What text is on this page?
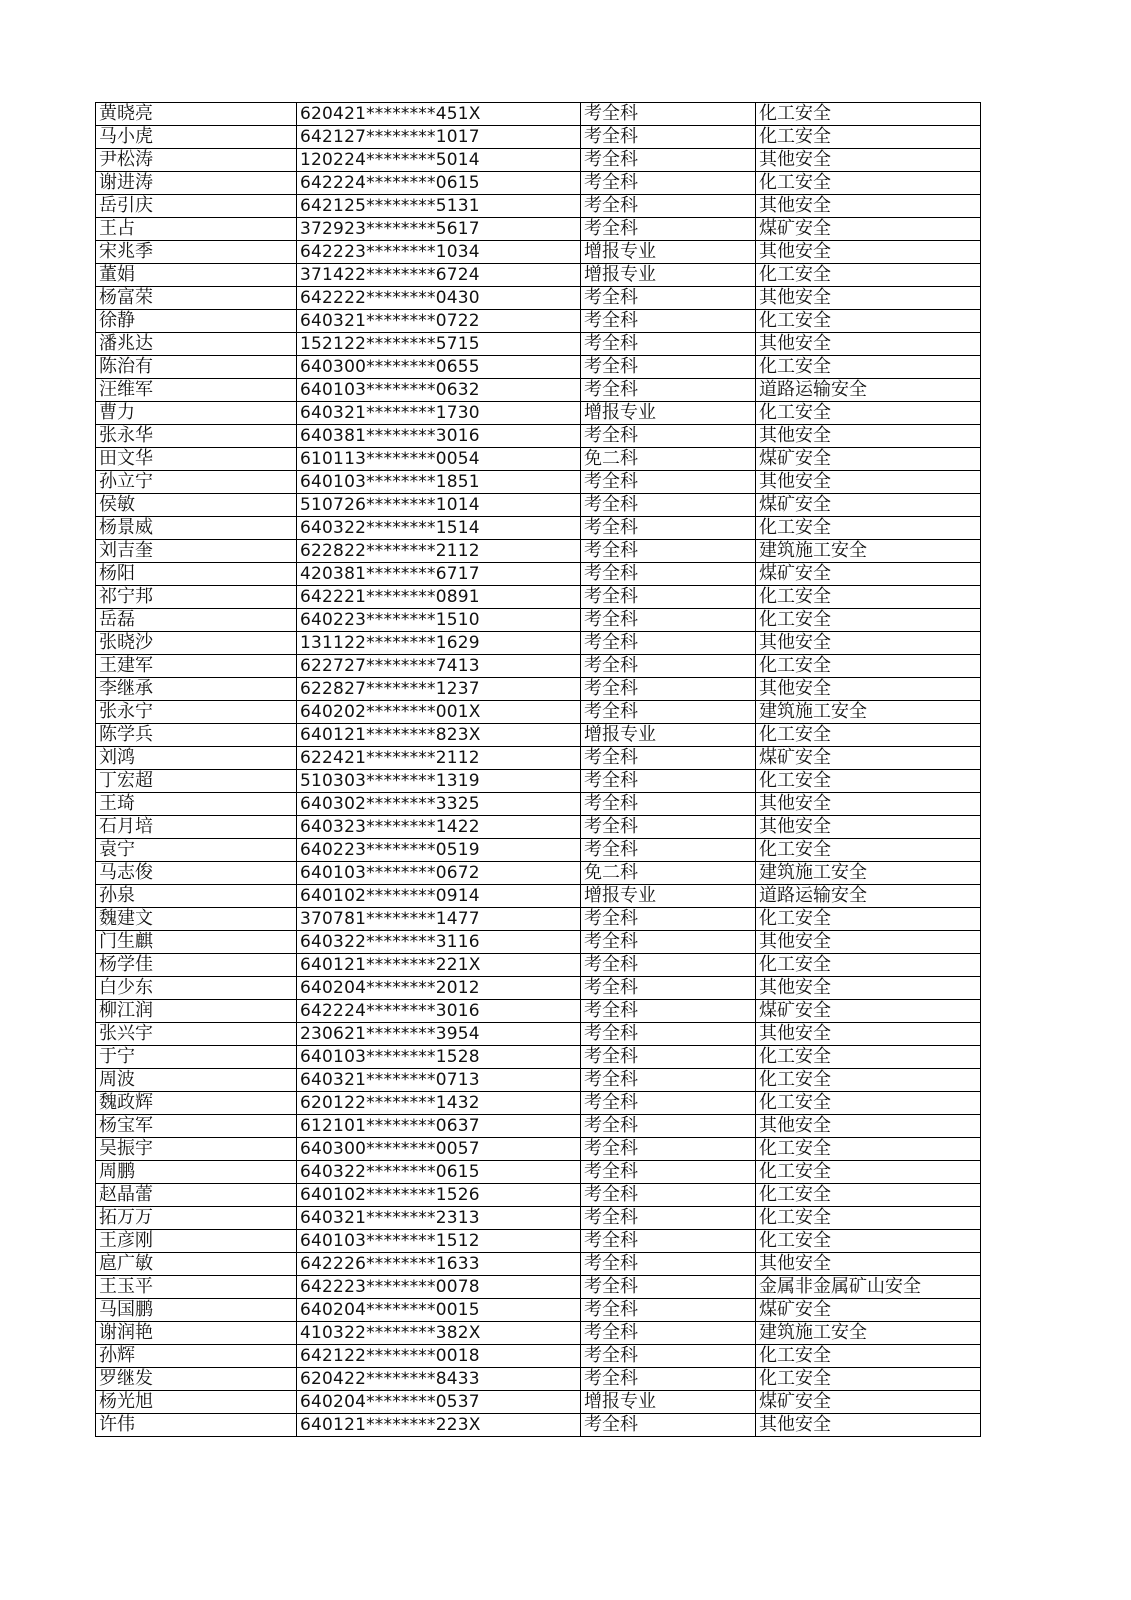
黄晓亮	620421********451X	考全科	化工安全
马小虎	642127********1017	考全科	化工安全
尹松涛	120224********5014	考全科	其他安全
谢进涛	642224********0615	考全科	化工安全
岳引庆	642125********5131	考全科	其他安全
王占	372923********5617	考全科	煤矿安全
宋兆季	642223********1034	增报专业	其他安全
董娟	371422********6724	增报专业	化工安全
杨富荣	642222********0430	考全科	其他安全
徐静	640321********0722	考全科	化工安全
潘兆达	152122********5715	考全科	其他安全
陈治有	640300********0655	考全科	化工安全
汪维军	640103********0632	考全科	道路运输安全
曹力	640321********1730	增报专业	化工安全
张永华	640381********3016	考全科	其他安全
田文华	610113********0054	免二科	煤矿安全
孙立宁	640103********1851	考全科	其他安全
侯敏	510726********1014	考全科	煤矿安全
杨景威	640322********1514	考全科	化工安全
刘吉奎	622822********2112	考全科	建筑施工安全
杨阳	420381********6717	考全科	煤矿安全
祁宁邦	642221********0891	考全科	化工安全
岳磊	640223********1510	考全科	化工安全
张晓沙	131122********1629	考全科	其他安全
王建军	622727********7413	考全科	化工安全
李继承	622827********1237	考全科	其他安全
张永宁	640202********001X	考全科	建筑施工安全
陈学兵	640121********823X	增报专业	化工安全
刘鸿	622421********2112	考全科	煤矿安全
丁宏超	510303********1319	考全科	化工安全
王琦	640302********3325	考全科	其他安全
石月培	640323********1422	考全科	其他安全
袁宁	640223********0519	考全科	化工安全
马志俊	640103********0672	免二科	建筑施工安全
孙泉	640102********0914	增报专业	道路运输安全
魏建文	370781********1477	考全科	化工安全
门生麒	640322********3116	考全科	其他安全
杨学佳	640121********221X	考全科	化工安全
白少东	640204********2012	考全科	其他安全
柳江润	642224********3016	考全科	煤矿安全
张兴宇	230621********3954	考全科	其他安全
于宁	640103********1528	考全科	化工安全
周波	640321********0713	考全科	化工安全
魏政辉	620122********1432	考全科	化工安全
杨宝军	612101********0637	考全科	其他安全
吴振宇	640300********0057	考全科	化工安全
周鹏	640322********0615	考全科	化工安全
赵晶蕾	640102********1526	考全科	化工安全
拓万万	640321********2313	考全科	化工安全
王彦刚	640103********1512	考全科	化工安全
扈广敏	642226********1633	考全科	其他安全
王玉平	642223********0078	考全科	金属非金属矿山安全
马国鹏	640204********0015	考全科	煤矿安全
谢润艳	410322********382X	考全科	建筑施工安全
孙辉	642122********0018	考全科	化工安全
罗继发	620422********8433	考全科	化工安全
杨光旭	640204********0537	增报专业	煤矿安全
许伟	640121********223X	考全科	其他安全
